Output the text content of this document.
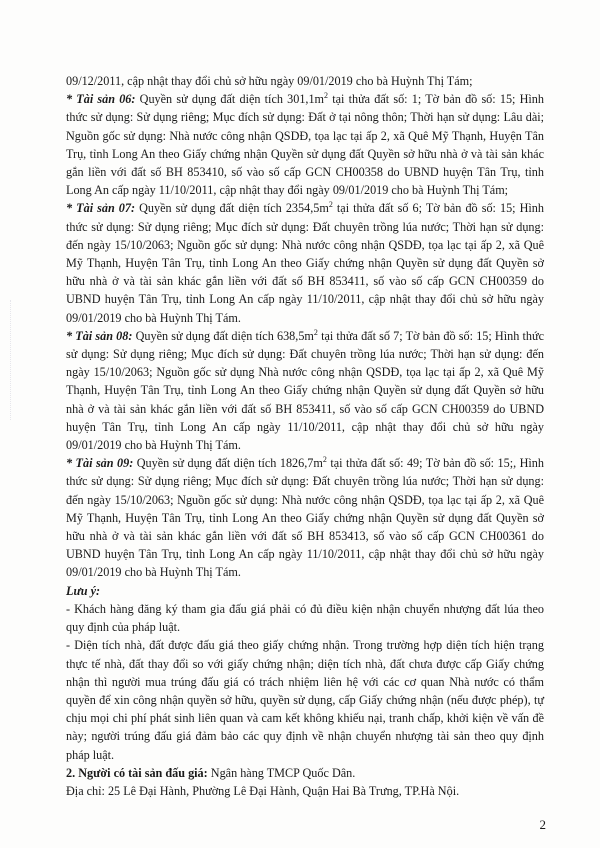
09/12/2011, cập nhật thay đổi chủ sở hữu ngày 09/01/2019 cho bà Huỳnh Thị Tám;

* Tài sản 06: Quyền sử dụng đất diện tích $301,1m^2$ tại thửa đất số: 1; Tờ bản đồ số: 15; Hình thức sử dụng: Sử dụng riêng; Mục đích sử dụng: Đất ở tại nông thôn; Thời hạn sử dụng: Lâu dài; Nguồn gốc sử dụng: Nhà nước công nhận QSDĐ, tọa lạc tại ấp 2, xã Quê Mỹ Thạnh, Huyện Tân Trụ, tỉnh Long An theo Giấy chứng nhận Quyền sử dụng đất Quyền sở hữu nhà ở và tài sản khác gắn liền với đất số BH 853410, số vào số cấp GCN CH00358 do UBND huyện Tân Trụ, tỉnh Long An cấp ngày 11/10/2011, cập nhật thay đổi ngày 09/01/2019 cho bà Huỳnh Thị Tám;

* Tài sản 07: Quyền sử dụng đất diện tích $2354,5m^2$ tại thửa đất số 6; Tờ bản đồ số: 15; Hình thức sử dụng: Sử dụng riêng; Mục đích sử dụng: Đất chuyên trồng lúa nước; Thời hạn sử dụng: đến ngày 15/10/2063; Nguồn gốc sử dụng: Nhà nước công nhận QSDĐ, tọa lạc tại ấp 2, xã Quê Mỹ Thạnh, Huyện Tân Trụ, tỉnh Long An theo Giấy chứng nhận Quyền sử dụng đất Quyền sở hữu nhà ở và tài sản khác gắn liền với đất số BH 853411, số vào số cấp GCN CH00359 do UBND huyện Tân Trụ, tỉnh Long An cấp ngày 11/10/2011, cập nhật thay đổi chủ sở hữu ngày 09/01/2019 cho bà Huỳnh Thị Tám.

* Tài sản 08: Quyền sử dụng đất diện tích $638,5m^2$ tại thửa đất số 7; Tờ bản đồ số: 15; Hình thức sử dụng: Sử dụng riêng; Mục đích sử dụng: Đất chuyên trồng lúa nước; Thời hạn sử dụng: đến ngày 15/10/2063; Nguồn gốc sử dụng Nhà nước công nhận QSDĐ, tọa lạc tại ấp 2, xã Quê Mỹ Thạnh, Huyện Tân Trụ, tỉnh Long An theo Giấy chứng nhận Quyền sử dụng đất Quyền sở hữu nhà ở và tài sản khác gắn liền với đất số BH 853411, số vào số cấp GCN CH00359 do UBND huyện Tân Trụ, tỉnh Long An cấp ngày 11/10/2011, cập nhật thay đổi chủ sở hữu ngày 09/01/2019 cho bà Huỳnh Thị Tám.

* Tài sản 09: Quyền sử dụng đất diện tích $1826,7m^2$ tại thửa đất số: 49; Tờ bản đồ số: 15;, Hình thức sử dụng: Sử dụng riêng; Mục đích sử dụng: Đất chuyên trồng lúa nước; Thời hạn sử dụng: đến ngày 15/10/2063; Nguồn gốc sử dụng: Nhà nước công nhận QSDĐ, tọa lạc tại ấp 2, xã Quê Mỹ Thạnh, Huyện Tân Trụ, tỉnh Long An theo Giấy chứng nhận Quyền sử dụng đất Quyền sở hữu nhà ở và tài sản khác gắn liền với đất số BH 853413, số vào số cấp GCN CH00361 do UBND huyện Tân Trụ, tỉnh Long An cấp ngày 11/10/2011, cập nhật thay đổi chủ sở hữu ngày 09/01/2019 cho bà Huỳnh Thị Tám.

Lưu ý:

- Khách hàng đăng ký tham gia đấu giá phải có đủ điều kiện nhận chuyển nhượng đất lúa theo quy định của pháp luật.

- Diện tích nhà, đất được đấu giá theo giấy chứng nhận. Trong trường hợp diện tích hiện trạng thực tế nhà, đất thay đổi so với giấy chứng nhận; diện tích nhà, đất chưa được cấp Giấy chứng nhận thì người mua trúng đấu giá có trách nhiệm liên hệ với các cơ quan Nhà nước có thẩm quyền để xin công nhận quyền sở hữu, quyền sử dụng, cấp Giấy chứng nhận (nếu được phép), tự chịu mọi chi phí phát sinh liên quan và cam kết không khiếu nại, tranh chấp, khởi kiện về vấn đề này; người trúng đấu giá đảm bảo các quy định về nhận chuyển nhượng tài sản theo quy định pháp luật.

2. Người có tài sản đấu giá: Ngân hàng TMCP Quốc Dân.

Địa chỉ: 25 Lê Đại Hành, Phường Lê Đại Hành, Quận Hai Bà Trưng, TP.Hà Nội.

2
